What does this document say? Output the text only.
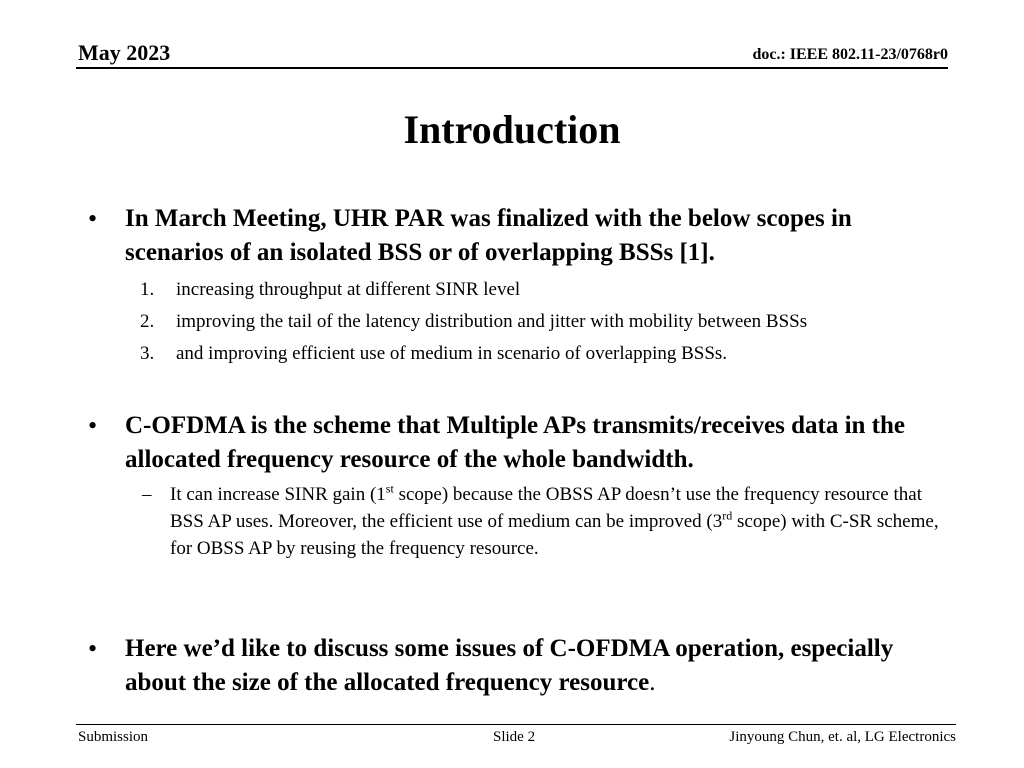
May 2023	doc.: IEEE 802.11-23/0768r0
Introduction
• In March Meeting, UHR PAR was finalized with the below scopes in scenarios of an isolated BSS or of overlapping BSSs [1].
1. increasing throughput at different SINR level
2. improving the tail of the latency distribution and jitter with mobility between BSSs
3. and improving efficient use of medium in scenario of overlapping BSSs.
• C-OFDMA is the scheme that Multiple APs transmits/receives data in the allocated frequency resource of the whole bandwidth.
– It can increase SINR gain (1st scope) because the OBSS AP doesn’t use the frequency resource that BSS AP uses. Moreover, the efficient use of medium can be improved (3rd scope) with C-SR scheme, for OBSS AP by reusing the frequency resource.
• Here we’d like to discuss some issues of C-OFDMA operation, especially about the size of the allocated frequency resource.
Submission	Slide 2	Jinyoung Chun, et. al, LG Electronics
